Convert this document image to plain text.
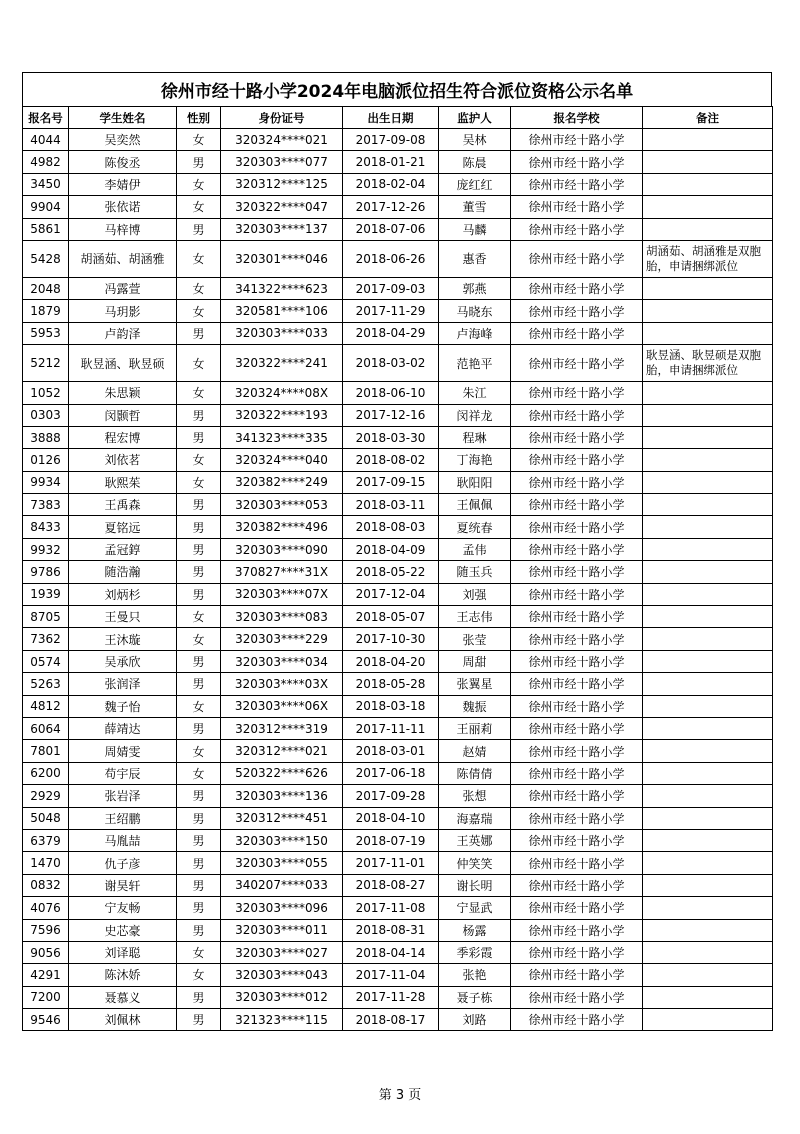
徐州市经十路小学2024年电脑派位招生符合派位资格公示名单
报名号	学生姓名	性别	身份证号	出生日期	监护人	报名学校	备注
4044	吴奕然	女	320324****021	2017-09-08	吴林	徐州市经十路小学	
4982	陈俊丞	男	320303****077	2018-01-21	陈晨	徐州市经十路小学	
3450	李婧伊	女	320312****125	2018-02-04	庞红红	徐州市经十路小学	
9904	张依诺	女	320322****047	2017-12-26	董雪	徐州市经十路小学	
5861	马梓博	男	320303****137	2018-07-06	马麟	徐州市经十路小学	
5428	胡涵茹、胡涵雅	女	320301****046	2018-06-26	惠香	徐州市经十路小学	胡涵茹、胡涵雅是双胞胎，申请捆绑派位
2048	冯露萱	女	341322****623	2017-09-03	郭燕	徐州市经十路小学	
1879	马玥影	女	320581****106	2017-11-29	马晓东	徐州市经十路小学	
5953	卢韵泽	男	320303****033	2018-04-29	卢海峰	徐州市经十路小学	
5212	耿昱涵、耿昱硕	女	320322****241	2018-03-02	范艳平	徐州市经十路小学	耿昱涵、耿昱硕是双胞胎，申请捆绑派位
1052	朱思颖	女	320324****08X	2018-06-10	朱江	徐州市经十路小学	
0303	闵颢哲	男	320322****193	2017-12-16	闵祥龙	徐州市经十路小学	
3888	程宏博	男	341323****335	2018-03-30	程琳	徐州市经十路小学	
0126	刘依茗	女	320324****040	2018-08-02	丁海艳	徐州市经十路小学	
9934	耿熙茱	女	320382****249	2017-09-15	耿阳阳	徐州市经十路小学	
7383	王禹森	男	320303****053	2018-03-11	王佩佩	徐州市经十路小学	
8433	夏铭远	男	320382****496	2018-08-03	夏统春	徐州市经十路小学	
9932	孟冠錞	男	320303****090	2018-04-09	孟伟	徐州市经十路小学	
9786	随浩瀚	男	370827****31X	2018-05-22	随玉兵	徐州市经十路小学	
1939	刘炳杉	男	320303****07X	2017-12-04	刘强	徐州市经十路小学	
8705	王曼只	女	320303****083	2018-05-07	王志伟	徐州市经十路小学	
7362	王沐璇	女	320303****229	2017-10-30	张莹	徐州市经十路小学	
0574	吴承欣	男	320303****034	2018-04-20	周甜	徐州市经十路小学	
5263	张润泽	男	320303****03X	2018-05-28	张翼星	徐州市经十路小学	
4812	魏子怡	女	320303****06X	2018-03-18	魏振	徐州市经十路小学	
6064	薛靖达	男	320312****319	2017-11-11	王丽莉	徐州市经十路小学	
7801	周婧雯	女	320312****021	2018-03-01	赵婧	徐州市经十路小学	
6200	苟宇辰	女	520322****626	2017-06-18	陈倩倩	徐州市经十路小学	
2929	张岩泽	男	320303****136	2017-09-28	张想	徐州市经十路小学	
5048	王绍鹏	男	320312****451	2018-04-10	海嘉瑞	徐州市经十路小学	
6379	马胤喆	男	320303****150	2018-07-19	王英娜	徐州市经十路小学	
1470	仇子彦	男	320303****055	2017-11-01	仲笑笑	徐州市经十路小学	
0832	谢昊轩	男	340207****033	2018-08-27	谢长明	徐州市经十路小学	
4076	宁友畅	男	320303****096	2017-11-08	宁显武	徐州市经十路小学	
7596	史芯豪	男	320303****011	2018-08-31	杨露	徐州市经十路小学	
9056	刘译聪	女	320303****027	2018-04-14	季彩霞	徐州市经十路小学	
4291	陈沐娇	女	320303****043	2017-11-04	张艳	徐州市经十路小学	
7200	聂慕义	男	320303****012	2017-11-28	聂子栋	徐州市经十路小学	
9546	刘佩林	男	321323****115	2018-08-17	刘路	徐州市经十路小学	
第 3 页
